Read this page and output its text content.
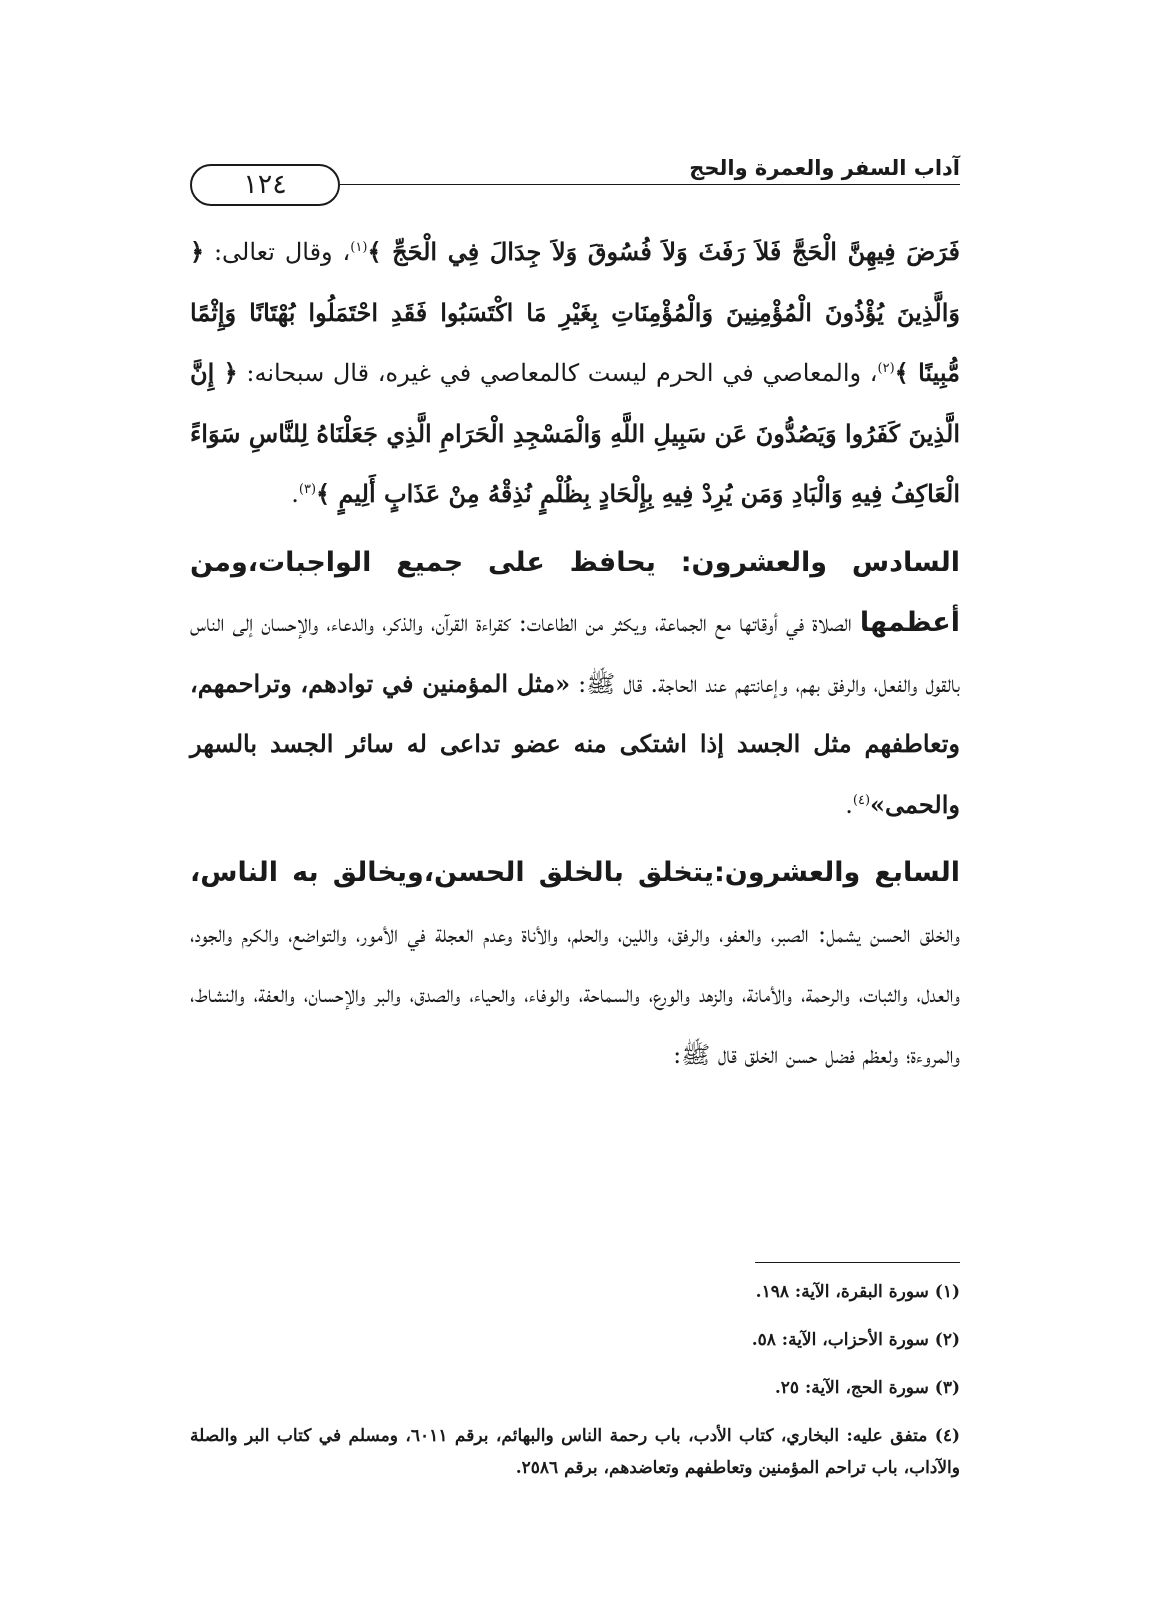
آداب السفر والعمرة والحج
١٢٤

فَرَضَ فِيهِنَّ الْحَجَّ فَلاَ رَفَثَ وَلاَ فُسُوقَ وَلاَ جِدَالَ فِي الْحَجِّ ﴾$^{(١)}$، وقال تعالى: ﴿ وَالَّذِينَ يُؤْذُونَ الْمُؤْمِنِينَ وَالْمُؤْمِنَاتِ بِغَيْرِ مَا اكْتَسَبُوا فَقَدِ احْتَمَلُوا بُهْتَانًا وَإِثْمًا مُّبِينًا ﴾$^{(٢)}$، والمعاصي في الحرم ليست كالمعاصي في غيره، قال سبحانه: ﴿ إِنَّ الَّذِينَ كَفَرُوا وَيَصُدُّونَ عَن سَبِيلِ اللَّهِ وَالْمَسْجِدِ الْحَرَامِ الَّذِي جَعَلْنَاهُ لِلنَّاسِ سَوَاءً الْعَاكِفُ فِيهِ وَالْبَادِ وَمَن يُرِدْ فِيهِ بِإِلْحَادٍ بِظُلْمٍ نُذِقْهُ مِنْ عَذَابٍ أَلِيمٍ ﴾$^{(٣)}$.

السادس والعشرون: يحافظ على جميع الواجبات،ومن أعظمها الصلاة في أوقاتها مع الجماعة، ويكثر من الطاعات: كقراءة القرآن، والذكر، والدعاء، والإحسان إلى الناس بالقول والفعل، والرفق بهم، وإعانتهم عند الحاجة. قال ﷺ: «مثل المؤمنين في توادهم، وتراحمهم، وتعاطفهم مثل الجسد إذا اشتكى منه عضو تداعى له سائر الجسد بالسهر والحمى»$^{(٤)}$.

السابع والعشرون:يتخلق بالخلق الحسن،ويخالق به الناس، والخلق الحسن يشمل: الصبر، والعفو، والرفق، واللين، والحلم، والأناة وعدم العجلة في الأمور، والتواضع، والكرم والجود، والعدل، والثبات، والرحمة، والأمانة، والزهد والورع، والسماحة، والوفاء، والحياء، والصدق، والبر والإحسان، والعفة، والنشاط، والمروءة؛ ولعظم فضل حسن الخلق قال ﷺ:

(١) سورة البقرة، الآية: ١٩٨.

(٢) سورة الأحزاب، الآية: ٥٨.

(٣) سورة الحج، الآية: ٢٥.

(٤) متفق عليه: البخاري، كتاب الأدب، باب رحمة الناس والبهائم، برقم ٦٠١١، ومسلم في كتاب البر والصلة والآداب، باب تراحم المؤمنين وتعاطفهم وتعاضدهم، برقم ٢٥٨٦.
